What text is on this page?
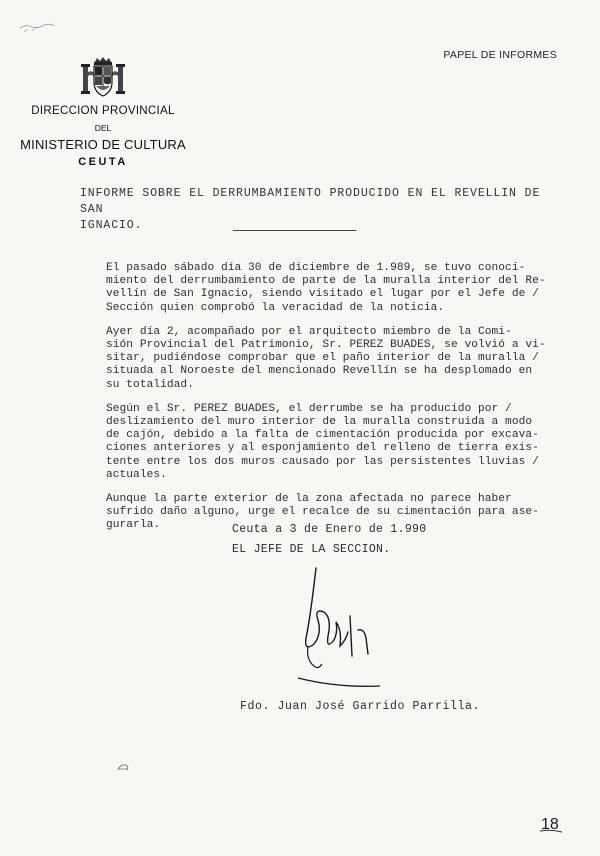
PAPEL DE INFORMES
DIRECCION PROVINCIAL
DEL
MINISTERIO DE CULTURA
CEUTA
INFORME SOBRE EL DERRUMBAMIENTO PRODUCIDO EN EL REVELLIN DE SAN
IGNACIO.

El pasado sábado día 30 de diciembre de 1.989, se tuvo conoci-
miento del derrumbamiento de parte de la muralla interior del Re-
vellín de San Ignacio, siendo visitado el lugar por el Jefe de /
Sección quien comprobó la veracidad de la noticia.

Ayer día 2, acompañado por el arquitecto miembro de la Comi-
sión Provincial del Patrimonio, Sr. PEREZ BUADES, se volvió a vi-
sitar, pudiéndose comprobar que el paño interior de la muralla /
situada al Noroeste del mencionado Revellín se ha desplomado en
su totalidad.

Según el Sr. PEREZ BUADES, el derrumbe se ha producido por /
deslizamiento del muro interior de la muralla construida a modo
de cajón, debido a la falta de cimentación producida por excava-
ciones anteriores y al esponjamiento del relleno de tierra exis-
tente entre los dos muros causado por las persistentes lluvias /
actuales.

Aunque la parte exterior de la zona afectada no parece haber
sufrido daño alguno, urge el recalce de su cimentación para ase-
gurarla.	Ceuta a 3 de Enero de 1.990
EL JEFE DE LA SECCION.
Fdo. Juan José Garrido Parrilla.
18
